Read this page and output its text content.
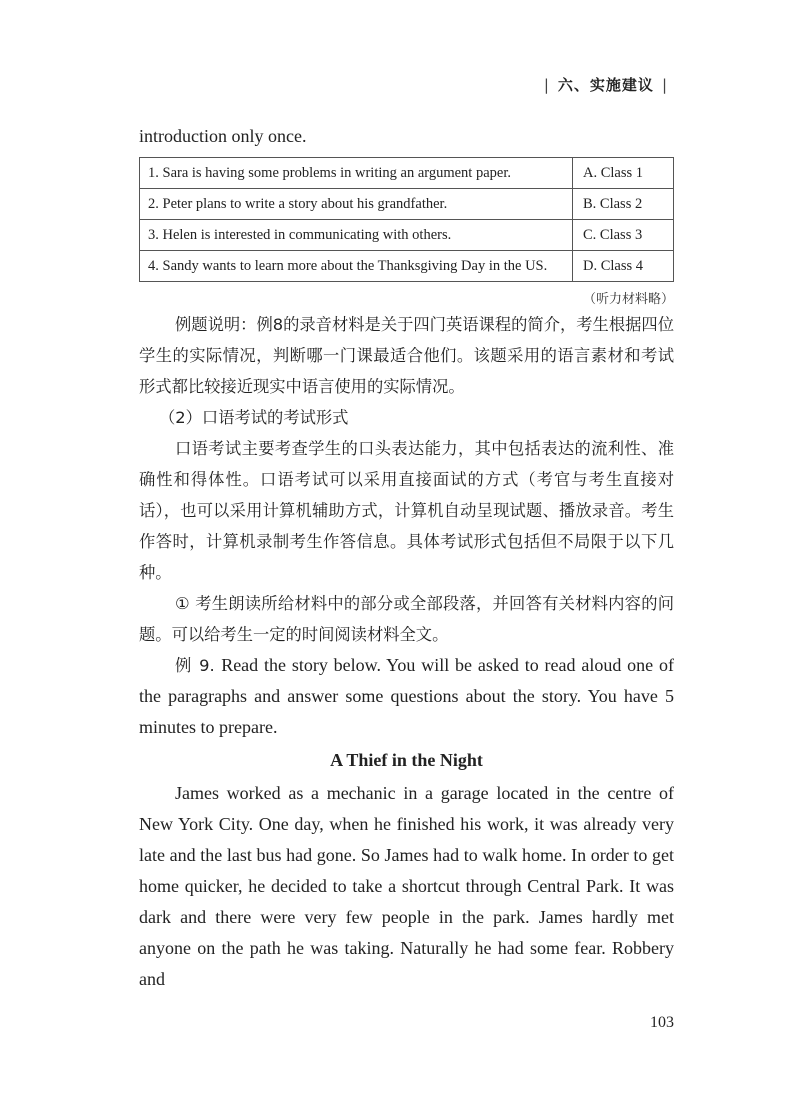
| 六、实施建议 |

introduction only once.

1. Sara is having some problems in writing an argument paper.	A. Class 1
2. Peter plans to write a story about his grandfather.	B. Class 2
3. Helen is interested in communicating with others.	C. Class 3
4. Sandy wants to learn more about the Thanksgiving Day in the US.	D. Class 4
（听力材料略）

例题说明：例8的录音材料是关于四门英语课程的简介，考生根据四位学生的实际情况，判断哪一门课最适合他们。该题采用的语言素材和考试形式都比较接近现实中语言使用的实际情况。

（2）口语考试的考试形式

口语考试主要考查学生的口头表达能力，其中包括表达的流利性、准确性和得体性。口语考试可以采用直接面试的方式（考官与考生直接对话），也可以采用计算机辅助方式，计算机自动呈现试题、播放录音。考生作答时，计算机录制考生作答信息。具体考试形式包括但不局限于以下几种。

① 考生朗读所给材料中的部分或全部段落，并回答有关材料内容的问题。可以给考生一定的时间阅读材料全文。

例 9. Read the story below. You will be asked to read aloud one of the paragraphs and answer some questions about the story. You have 5 minutes to prepare.

A Thief in the Night

James worked as a mechanic in a garage located in the centre of New York City. One day, when he finished his work, it was already very late and the last bus had gone. So James had to walk home. In order to get home quicker, he decided to take a shortcut through Central Park. It was dark and there were very few people in the park. James hardly met anyone on the path he was taking. Naturally he had some fear. Robbery and

103
